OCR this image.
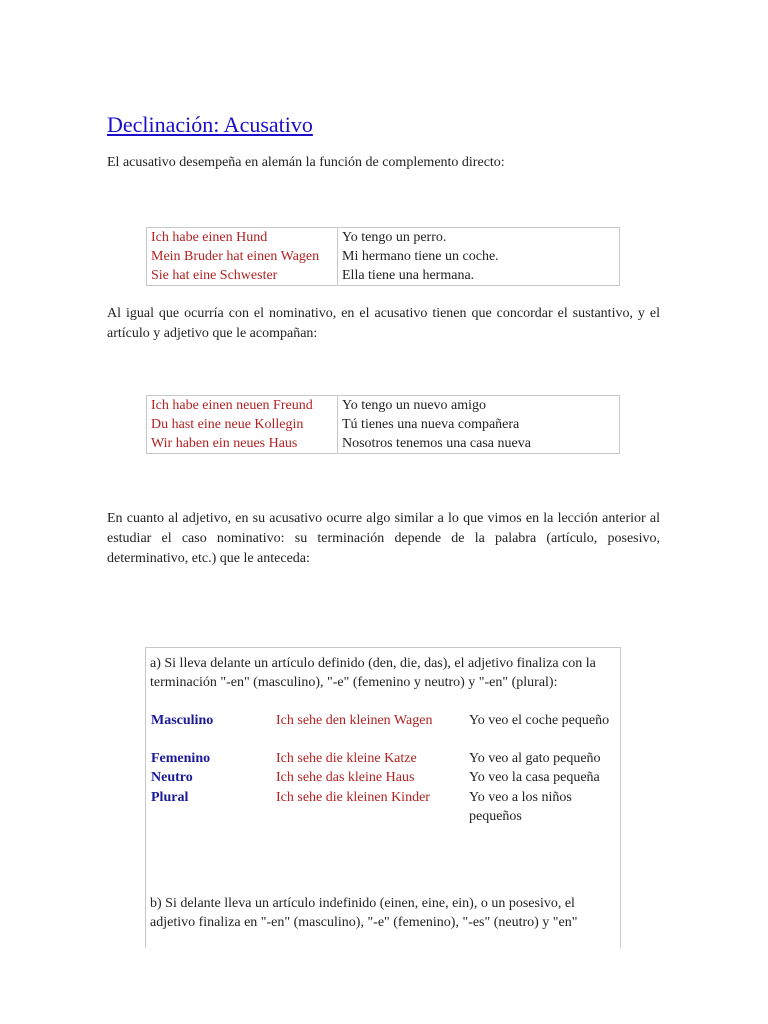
Declinación: Acusativo

El acusativo desempeña en alemán la función de complemento directo:

Ich habe einen Hund	Yo tengo un perro.
Mein Bruder hat einen Wagen	Mi hermano tiene un coche.
Sie hat eine Schwester	Ella tiene una hermana.

Al igual que ocurría con el nominativo, en el acusativo tienen que concordar el sustantivo, y el artículo y adjetivo que le acompañan:

Ich habe einen neuen Freund	Yo tengo un nuevo amigo
Du hast eine neue Kollegin	Tú tienes una nueva compañera
Wir haben ein neues Haus	Nosotros tenemos una casa nueva

En cuanto al adjetivo, en su acusativo ocurre algo similar a lo que vimos en la lección anterior al estudiar el caso nominativo: su terminación depende de la palabra (artículo, posesivo, determinativo, etc.) que le anteceda:

a) Si lleva delante un artículo definido (den, die, das), el adjetivo finaliza con la terminación "-en" (masculino), "-e" (femenino y neutro) y "-en" (plural):

Masculino	Ich sehe den kleinen Wagen	Yo veo el coche pequeño
Femenino	Ich sehe die kleine Katze	Yo veo al gato pequeño
Neutro	Ich sehe das kleine Haus	Yo veo la casa pequeña
Plural	Ich sehe die kleinen Kinder	Yo veo a los niños pequeños

b) Si delante lleva un artículo indefinido (einen, eine, ein), o un posesivo, el adjetivo finaliza en "-en" (masculino), "-e" (femenino), "-es" (neutro) y "en"
